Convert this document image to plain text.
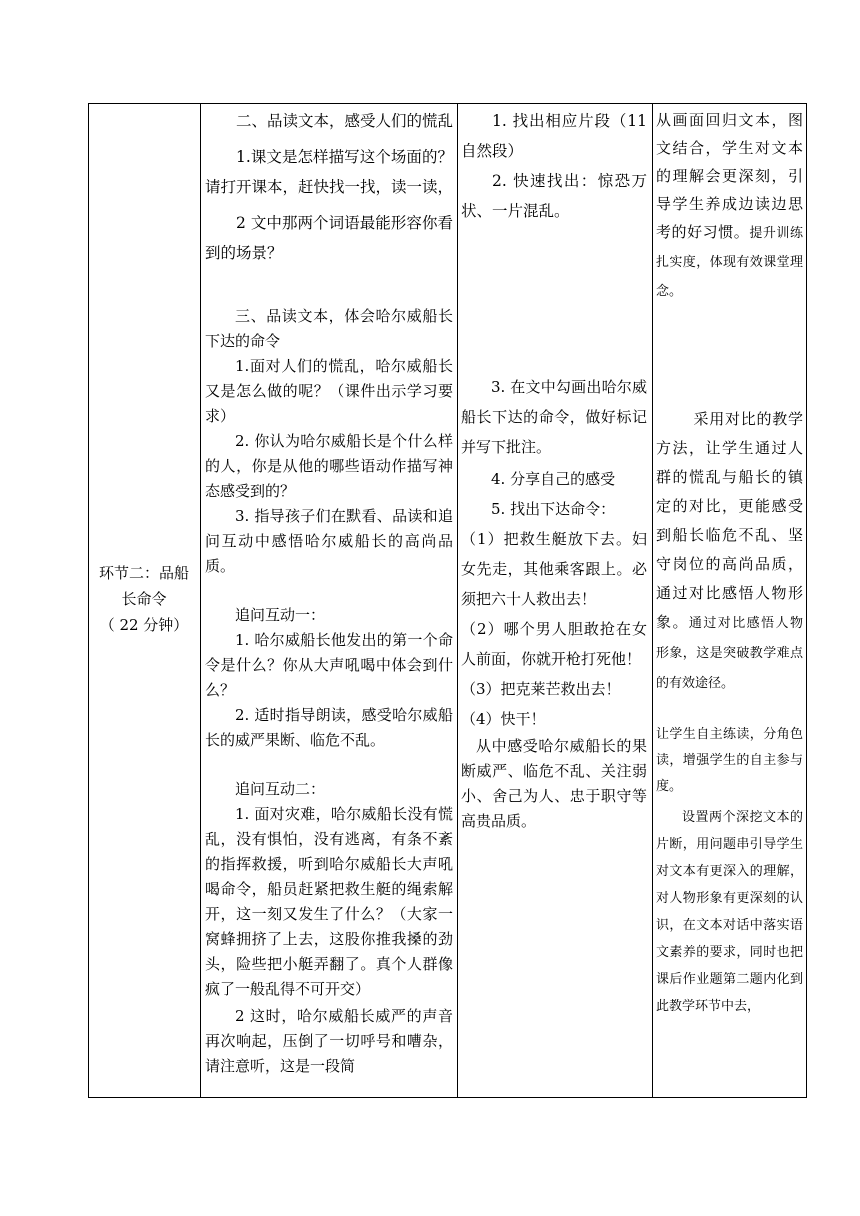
环节二：品船
长命令
（ 22 分钟）

二、品读文本，感受人们的慌乱

1.课文是怎样描写这个场面的？ 请打开课本，赶快找一找，读一读，

2 文中那两个词语最能形容你看到的场景？

三、品读文本，体会哈尔威船长下达的命令

1.面对人们的慌乱，哈尔威船长又是怎么做的呢？（课件出示学习要求）

2. 你认为哈尔威船长是个什么样的人，你是从他的哪些语动作描写神态感受到的？

3. 指导孩子们在默看、品读和追问互动中感悟哈尔威船长的高尚品质。

追问互动一：

1. 哈尔威船长他发出的第一个命令是什么？你从大声吼喝中体会到什么？

2. 适时指导朗读，感受哈尔威船长的威严果断、临危不乱。

追问互动二：

1. 面对灾难，哈尔威船长没有慌乱，没有惧怕，没有逃离，有条不紊的指挥救援，听到哈尔威船长大声吼喝命令，船员赶紧把救生艇的绳索解开，这一刻又发生了什么？（大家一窝蜂拥挤了上去，这股你推我搡的劲头，险些把小艇弄翻了。真个人群像疯了一般乱得不可开交）

2 这时，哈尔威船长威严的声音再次响起，压倒了一切呼号和嘈杂，请注意听，这是一段简

1. 找出相应片段（11 自然段）

2. 快速找出：惊恐万状、一片混乱。

3. 在文中勾画出哈尔威船长下达的命令，做好标记并写下批注。

4. 分享自己的感受

5. 找出下达命令：

（1）把救生艇放下去。妇女先走，其他乘客跟上。必须把六十人救出去！

（2）哪个男人胆敢抢在女人前面，你就开枪打死他！

（3）把克莱芒救出去！

（4）快干！

从中感受哈尔威船长的果断威严、临危不乱、关注弱小、舍己为人、忠于职守等高贵品质。

从画面回归文本，图文结合，学生对文本的理解会更深刻，引导学生养成边读边思考的好习惯。提升训练扎实度，体现有效课堂理念。

采用对比的教学方法，让学生通过人群的慌乱与船长的镇定的对比，更能感受到船长临危不乱、坚守岗位的高尚品质，通过对比感悟人物形象。通过对比感悟人物形象，这是突破教学难点的有效途径。

让学生自主练读，分角色读，增强学生的自主参与度。

设置两个深挖文本的片断，用问题串引导学生对文本有更深入的理解，对人物形象有更深刻的认识，在文本对话中落实语文素养的要求，同时也把课后作业题第二题内化到此教学环节中去，
